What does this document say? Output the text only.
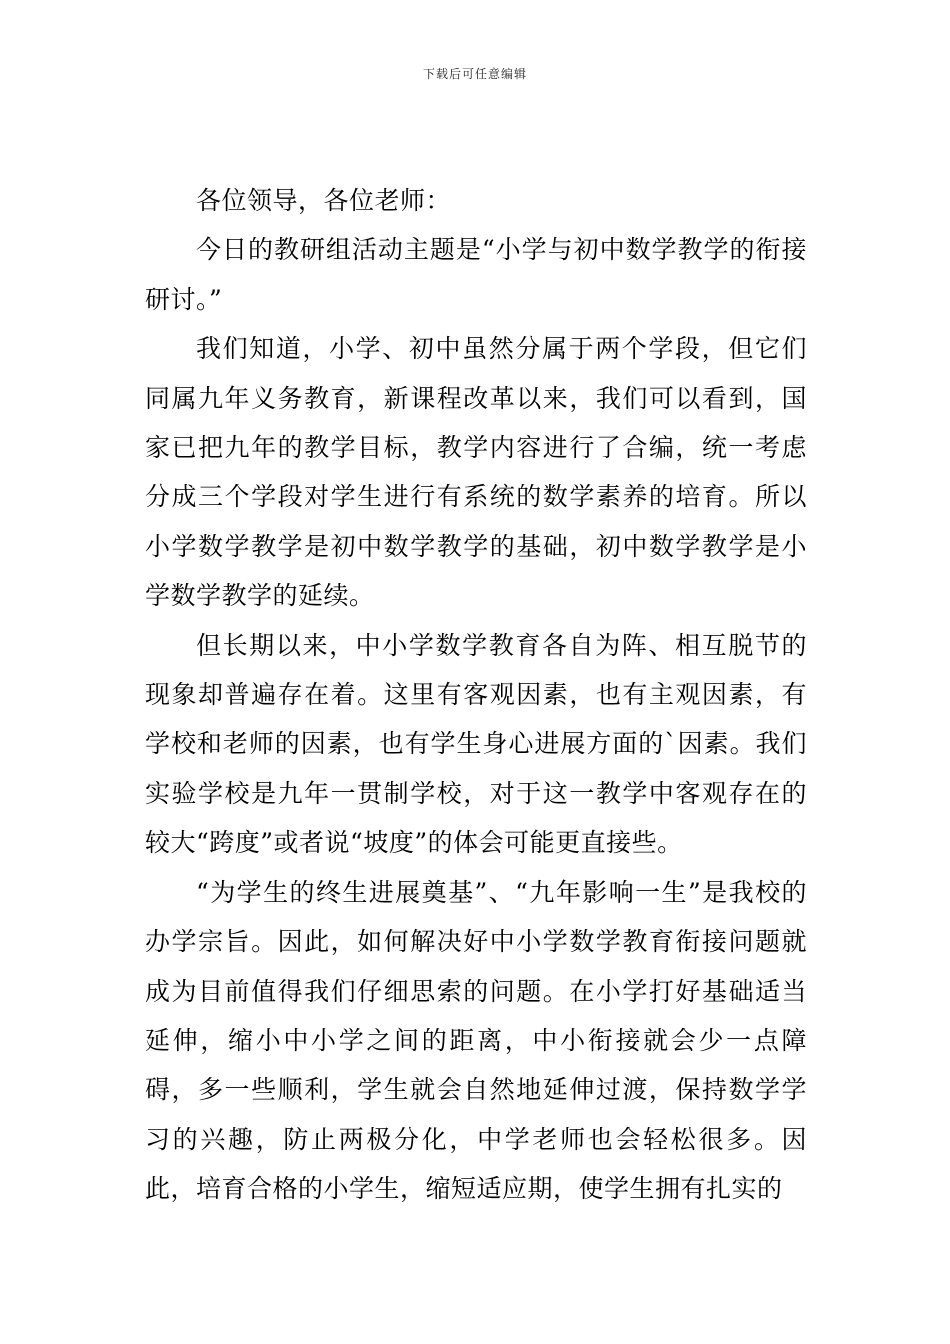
下载后可任意编辑

各位领导，各位老师：

今日的教研组活动主题是“小学与初中数学教学的衔接研讨。”

我们知道，小学、初中虽然分属于两个学段，但它们同属九年义务教育，新课程改革以来，我们可以看到，国家已把九年的教学目标，教学内容进行了合编，统一考虑分成三个学段对学生进行有系统的数学素养的培育。所以小学数学教学是初中数学教学的基础，初中数学教学是小学数学教学的延续。

但长期以来，中小学数学教育各自为阵、相互脱节的现象却普遍存在着。这里有客观因素，也有主观因素，有学校和老师的因素，也有学生身心进展方面的`因素。我们实验学校是九年一贯制学校，对于这一教学中客观存在的较大“跨度”或者说“坡度”的体会可能更直接些。

“为学生的终生进展奠基”、“九年影响一生”是我校的办学宗旨。因此，如何解决好中小学数学教育衔接问题就成为目前值得我们仔细思索的问题。在小学打好基础适当延伸，缩小中小学之间的距离，中小衔接就会少一点障碍，多一些顺利，学生就会自然地延伸过渡，保持数学学习的兴趣，防止两极分化，中学老师也会轻松很多。因此，培育合格的小学生，缩短适应期，使学生拥有扎实的
